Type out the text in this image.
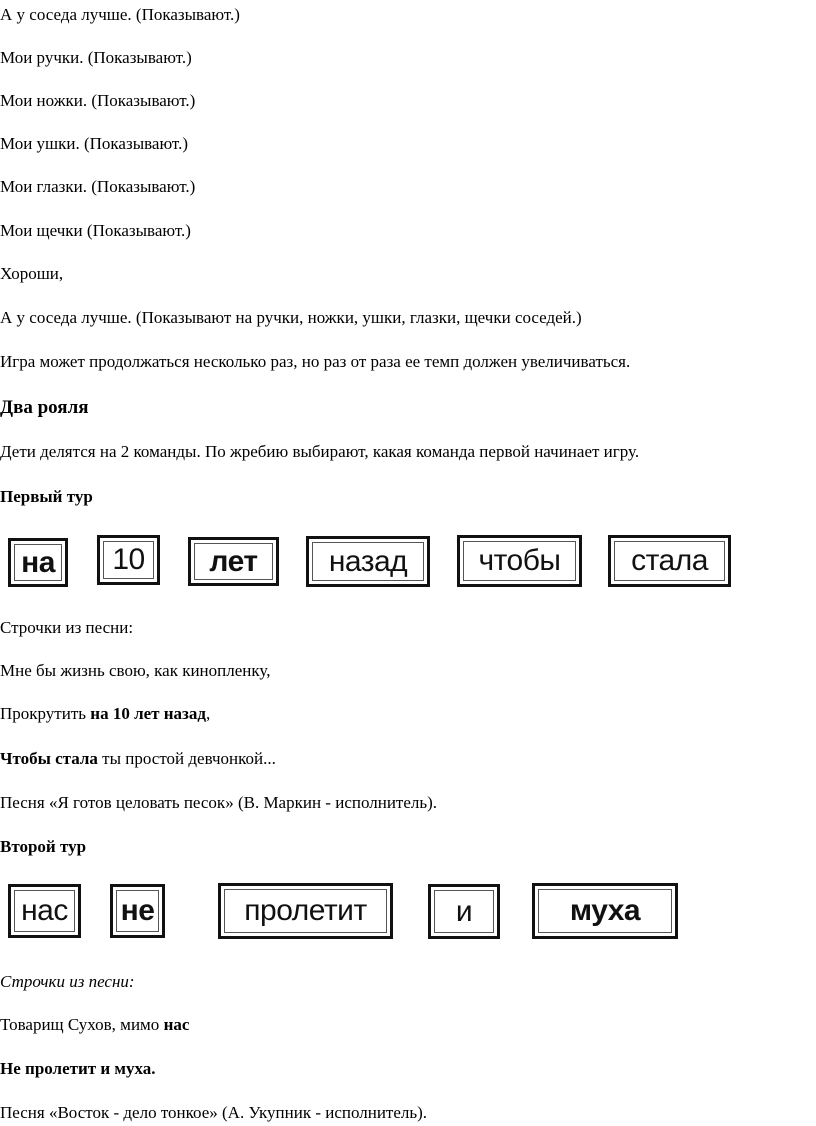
А у соседа лучше. (Показывают.)
Мои ручки. (Показывают.)
Мои ножки. (Показывают.)
Мои ушки. (Показывают.)
Мои глазки. (Показывают.)
Мои щечки (Показывают.)
Хороши,
А у соседа лучше. (Показывают на ручки, ножки, ушки, глазки, щечки соседей.)
Игра может продолжаться несколько раз, но раз от раза ее темп должен увеличиваться.
Два рояля
Дети делятся на 2 команды. По жребию выбирают, какая команда первой начинает игру.
Первый тур
на	10	лет	назад	чтобы	стала
Строчки из песни:
Мне бы жизнь свою, как кинопленку,
Прокрутить на 10 лет назад,
Чтобы стала ты простой девчонкой...
Песня «Я готов целовать песок» (В. Маркин - исполнитель).
Второй тур
нас	не	пролетит	и	муха
Строчки из песни:
Товарищ Сухов, мимо нас
Не пролетит и муха.
Песня «Восток - дело тонкое» (А. Укупник - исполнитель).
